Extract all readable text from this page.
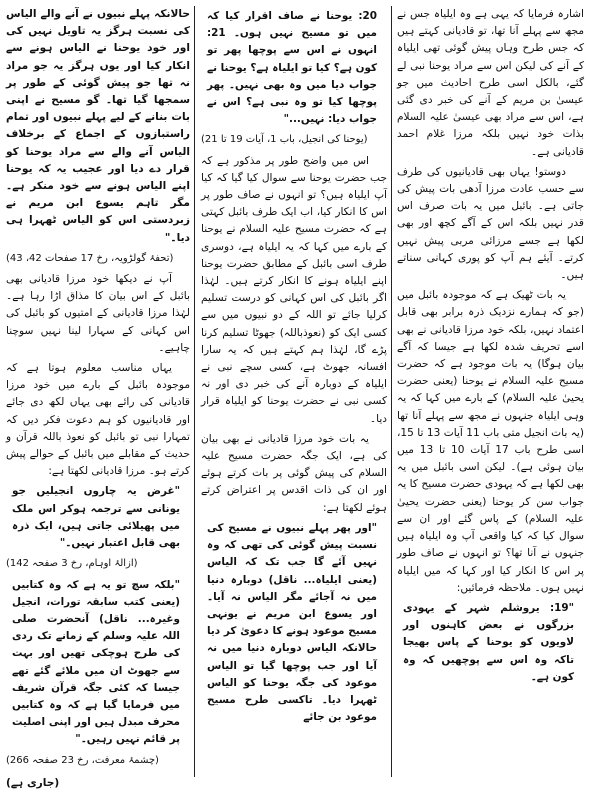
اشارہ فرمایا کہ یہی ہے وہ ایلیاہ جس نے مجھ سے پہلے آنا تھا، تو قادیانی کہتے ہیں کہ جس طرح وہاں پیش گوئی تھی ایلیاہ کے آنے کی لیکن اس سے مراد یوحنا نبی لے گئے، بالکل اسی طرح احادیث میں جو عیسیٰ بن مریم کے آنے کی خبر دی گئی ہے، اس سے مراد بھی عیسیٰ علیہ السلام بذات خود نہیں بلکہ مرزا غلام احمد قادیانی ہے۔

دوستو! یہاں بھی قادیانیوں کی طرف سے حسب عادت مرزا آدھی بات پیش کی جاتی ہے۔ بائبل میں یہ بات صرف اس قدر نہیں بلکہ اس کے آگے کچھ اور بھی لکھا ہے جسے مرزائی مربی پیش نہیں کرتے۔ آیئے ہم آپ کو پوری کہانی سناتے ہیں۔

یہ بات ٹھیک ہے کہ موجودہ بائبل میں (جو کہ ہمارے نزدیک ذرہ برابر بھی قابل اعتماد نہیں، بلکہ خود مرزا قادیانی نے بھی اسے تحریف شدہ لکھا ہے جیسا کہ آگے بیان ہوگا) یہ بات موجود ہے کہ حضرت مسیح علیہ السلام نے یوحنا (یعنی حضرت یحییٰ علیہ السلام) کے بارے میں کہا کہ یہ وہی ایلیاہ جنہوں نے مجھ سے پہلے آنا تھا (یہ بات انجیل متی باب 11 آیات 13 تا 15، اسی طرح باب 17 آیات 10 تا 13 میں بیان ہوئی ہے)۔ لیکن اسی بائبل میں یہ بھی لکھا ہے کہ یہودی حضرت مسیح کا یہ جواب سن کر یوحنا (یعنی حضرت یحییٰ علیہ السلام) کے پاس گئے اور ان سے سوال کیا کہ کیا واقعی آپ وہ ایلیاہ ہیں جنہوں نے آنا تھا؟ تو انہوں نے صاف طور پر اس کا انکار کیا اور کہا کہ میں ایلیاہ نہیں ہوں۔ ملاحظہ فرمائیں:

"19: یروشلم شہر کے یہودی بزرگوں نے بعض کاہنوں اور لاویوں کو یوحنا کے پاس بھیجا تاکہ وہ اس سے پوچھیں کہ وہ کون ہے۔

20: یوحنا نے صاف اقرار کیا کہ میں تو مسیح نہیں ہوں۔ 21: انہوں نے اس سے پوچھا پھر تو کون ہے؟ کیا تو ایلیاہ ہے؟ یوحنا نے جواب دیا میں وہ بھی نہیں۔ پھر پوچھا کیا تو وہ نبی ہے؟ اس نے جواب دیا: نہیں..."

(یوحنا کی انجیل، باب 1، آیات 19 تا 21)

اس میں واضح طور پر مذکور ہے کہ جب حضرت یوحنا سے سوال کیا گیا کہ کیا آپ ایلیاہ ہیں؟ تو انہوں نے صاف طور پر اس کا انکار کیا، اب ایک طرف بائبل کہتی ہے کہ حضرت مسیح علیہ السلام نے یوحنا کے بارے میں کہا کہ یہ ایلیاہ ہے، دوسری طرف اسی بائبل کے مطابق حضرت یوحنا اپنے ایلیاہ ہونے کا انکار کرتے ہیں۔ لہٰذا اگر بائبل کی اس کہانی کو درست تسلیم کرلیا جائے تو اللہ کے دو نبیوں میں سے کسی ایک کو (نعوذباللہ) جھوٹا تسلیم کرنا پڑے گا، لہٰذا ہم کہتے ہیں کہ یہ سارا افسانہ جھوٹ ہے، کسی سچے نبی نے ایلیاہ کے دوبارہ آنے کی خبر دی اور نہ کسی نبی نے حضرت یوحنا کو ایلیاہ قرار دیا۔

یہ بات خود مرزا قادیانی نے بھی بیان کی ہے، ایک جگہ حضرت مسیح علیہ السلام کی پیش گوئی پر بات کرتے ہوئے اور ان کی ذات اقدس پر اعتراض کرتے ہوئے لکھتا ہے:

"اور پھر پہلے نبیوں نے مسیح کی نسبت پیش گوئی کی تھی کہ وہ نہیں آئے گا جب تک کہ الیاس (یعنی ایلیاہ... ناقل) دوبارہ دنیا میں نہ آجائے مگر الیاس نہ آیا۔ اور یسوع ابن مریم نے یونہی مسیح موعود ہونے کا دعویٰ کر دیا حالانکہ الیاس دوبارہ دنیا میں نہ آیا اور جب پوچھا گیا تو الیاس موعود کی جگہ یوحنا کو الیاس ٹھہرا دیا۔ تاکسی طرح مسیح موعود بن جائے

حالانکہ پہلے نبیوں نے آنے والے الیاس کی نسبت ہرگز یہ تاویل نہیں کی اور خود یوحنا نے الیاس ہونے سے انکار کیا اور یوں ہرگز یہ جو مراد نہ تھا جو پیش گوئی کے طور پر سمجھا گیا تھا۔ گو مسیح نے اپنی بات بنانے کے لیے پہلے نبیوں اور تمام راستبازوں کے اجماع کے برخلاف الیاس آنے والے سے مراد یوحنا کو قرار دے دیا اور عجیب یہ کہ یوحنا اپنے الیاس ہونے سے خود منکر ہے۔ مگر تاہم یسوع ابن مریم نے زبردستی اس کو الیاس ٹھہرا ہی دیا۔"

(تحفۂ گولڑویہ، رخ 17 صفحات 42، 43)

آپ نے دیکھا خود مرزا قادیانی بھی بائبل کے اس بیان کا مذاق اڑا رہا ہے۔ لہٰذا مرزا قادیانی کے امتیوں کو بائبل کی اس کہانی کے سہارا لینا نہیں سوچنا چاہیے۔

یہاں مناسب معلوم ہوتا ہے کہ موجودہ بائبل کے بارے میں خود مرزا قادیانی کی رائے بھی یہاں لکھ دی جائے اور قادیانیوں کو ہم دعوت فکر دیں کہ تمہارا نبی تو بائبل کو نعوذ باللہ قرآن و حدیث کے مقابلے میں بائبل کے حوالے پیش کرتے ہو۔ مرزا قادیانی لکھتا ہے:

"غرض یہ چاروں انجیلیں جو یونانی سے ترجمہ ہوکر اس ملک میں پھیلائی جاتی ہیں، ایک ذرہ بھی قابل اعتبار نہیں۔"

(ازالۂ اوہام، رخ 3 صفحہ 142)

"بلکہ سچ تو یہ ہے کہ وہ کتابیں (یعنی کتب سابقہ تورات، انجیل وغیرہ... ناقل) آنحضرت صلی اللہ علیہ وسلم کے زمانے تک ردی کی طرح ہوچکی تھیں اور بہت سے جھوٹ ان میں ملائے گئے تھے جیسا کہ کئی جگہ قرآن شریف میں فرمایا گیا ہے کہ وہ کتابیں محرف مبدل ہیں اور اپنی اصلیت پر قائم نہیں رہیں۔"

(چشمۂ معرفت، رخ 23 صفحہ 266)

(جاری ہے)
